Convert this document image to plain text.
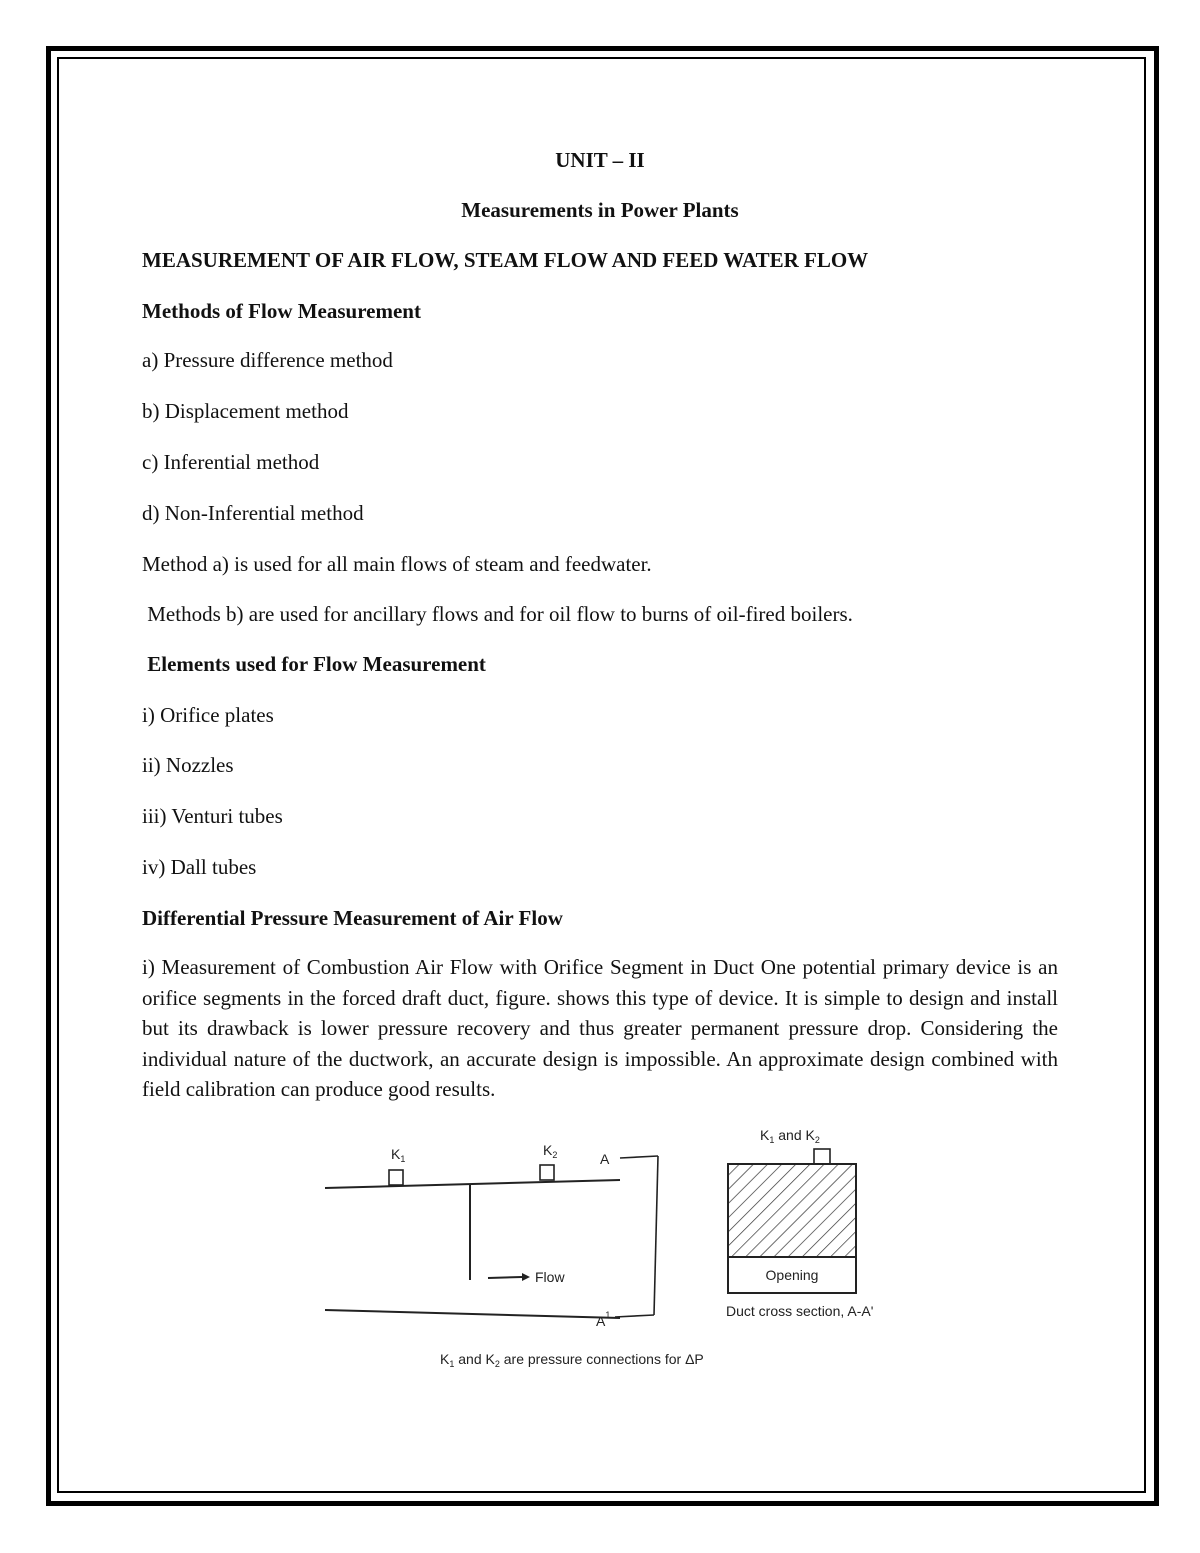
UNIT – II
Measurements in Power Plants
MEASUREMENT OF AIR FLOW, STEAM FLOW AND FEED WATER FLOW
Methods of Flow Measurement
a) Pressure difference method
b) Displacement method
c) Inferential method
d) Non-Inferential method
Method a) is used for all main flows of steam and feedwater.
Methods b) are used for ancillary flows and for oil flow to burns of oil-fired boilers.
Elements used for Flow Measurement
i) Orifice plates
ii) Nozzles
iii) Venturi tubes
iv) Dall tubes
Differential Pressure Measurement of Air Flow
i) Measurement of Combustion Air Flow with Orifice Segment in Duct One potential primary device is an orifice segments in the forced draft duct, figure. shows this type of device. It is simple to design and install but its drawback is lower pressure recovery and thus greater permanent pressure drop. Considering the individual nature of the ductwork, an accurate design is impossible. An approximate design combined with field calibration can produce good results.
$K_1$
$K_2$	A
$A^1$
Flow
$K_1$ and $K_2$
Opening
Duct cross section, A-A'
$K_1$ and $K_2$ are pressure connections for ΔP
